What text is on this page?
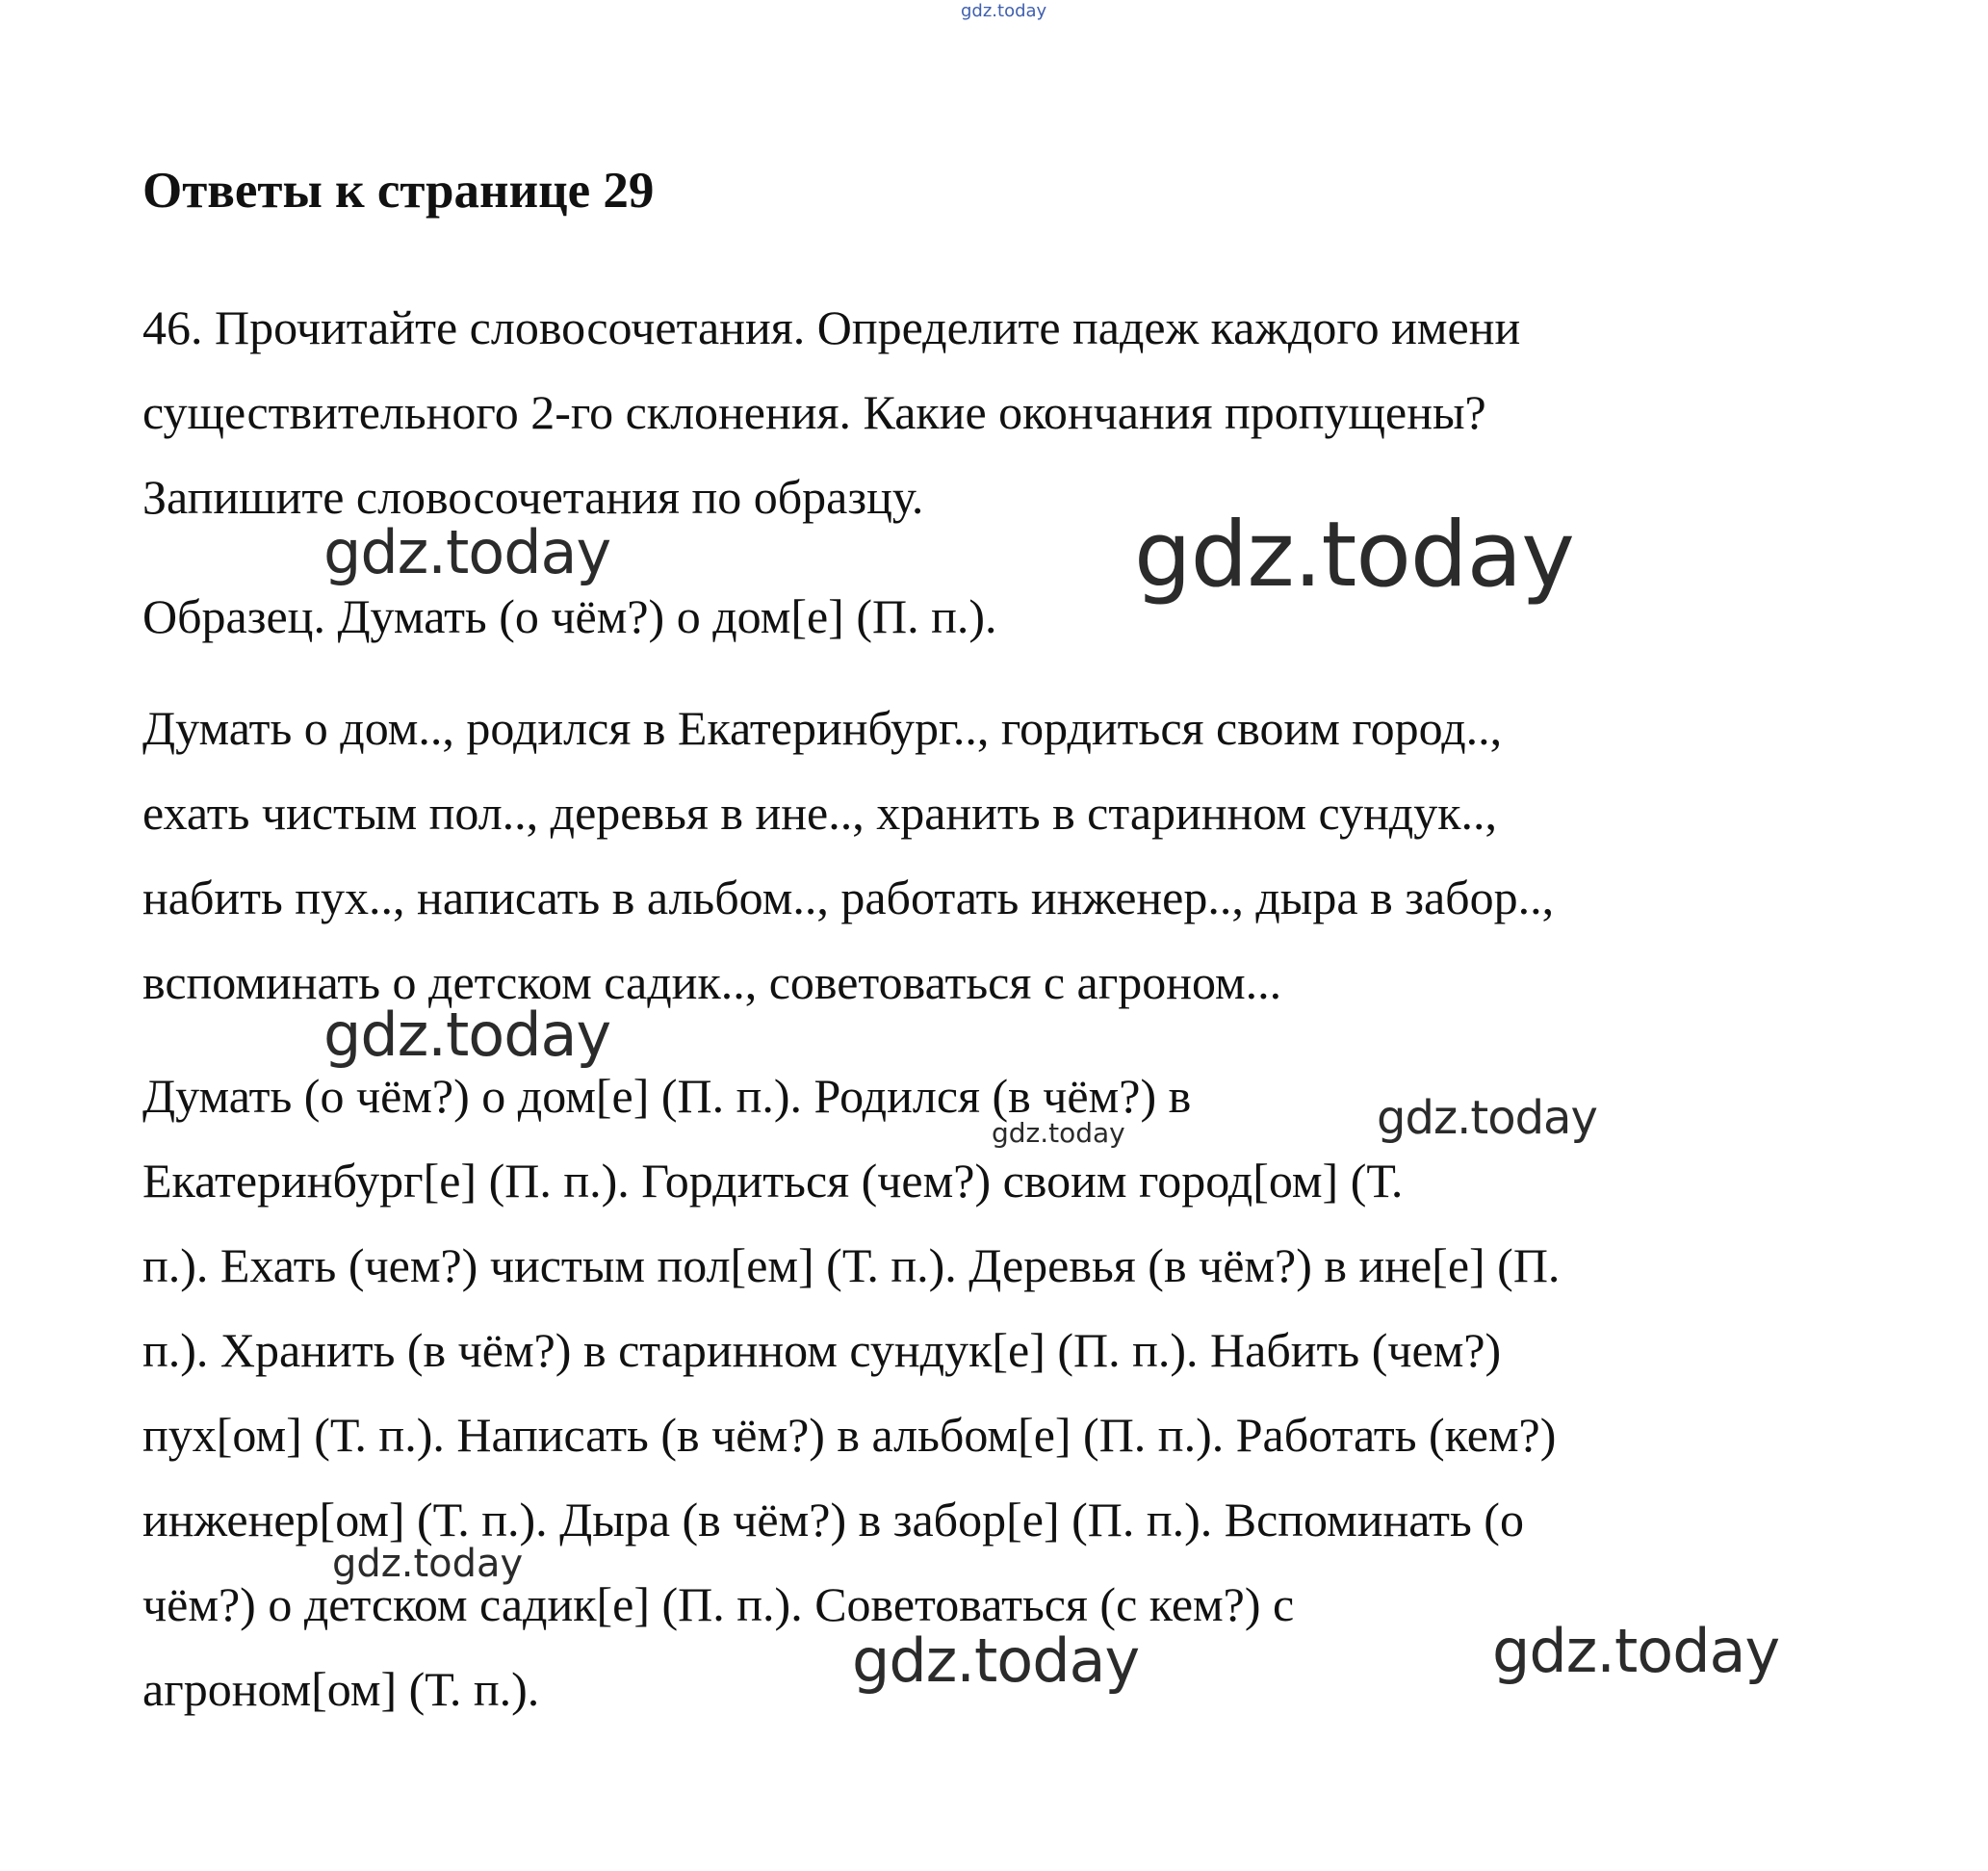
gdz.today
Ответы к странице 29
46. Прочитайте словосочетания. Определите падеж каждого имени
существительного 2-го склонения. Какие окончания пропущены?
Запишите словосочетания по образцу.
Образец. Думать (о чём?) о дом[е] (П. п.).
Думать о дом.., родился в Екатеринбург.., гордиться своим город..,
ехать чистым пол.., деревья в ине.., хранить в старинном сундук..,
набить пух.., написать в альбом.., работать инженер.., дыра в забор..,
вспоминать о детском садик.., советоваться с агроном...
Думать (о чём?) о дом[е] (П. п.). Родился (в чём?) в
Екатеринбург[е] (П. п.). Гордиться (чем?) своим город[ом] (Т.
п.). Ехать (чем?) чистым пол[ем] (Т. п.). Деревья (в чём?) в ине[е] (П.
п.). Хранить (в чём?) в старинном сундук[е] (П. п.). Набить (чем?)
пух[ом] (Т. п.). Написать (в чём?) в альбом[е] (П. п.). Работать (кем?)
инженер[ом] (Т. п.). Дыра (в чём?) в забор[е] (П. п.). Вспоминать (о
чём?) о детском садик[е] (П. п.). Советоваться (с кем?) с
агроном[ом] (Т. п.).
gdz.today	gdz.today
gdz.today
gdz.today	gdz.today
gdz.today
gdz.today	gdz.today
